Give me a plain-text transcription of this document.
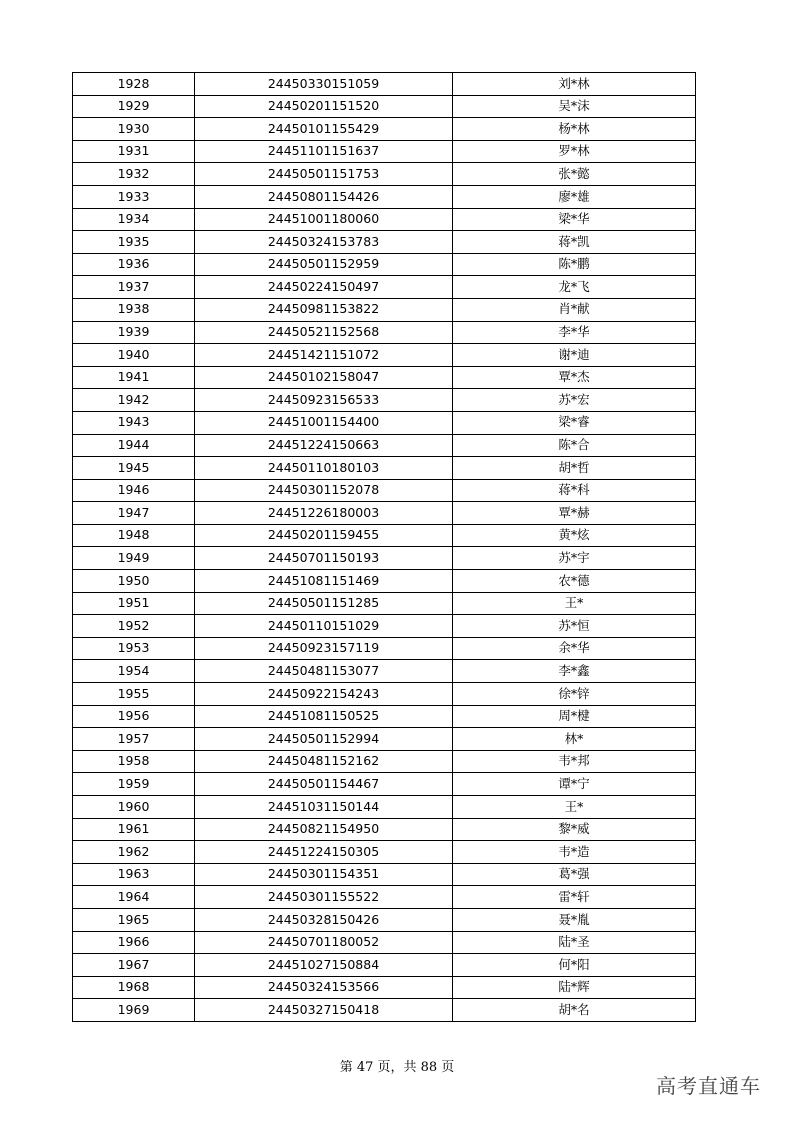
1928	24450330151059	刘*林
1929	24450201151520	吴*沫
1930	24450101155429	杨*林
1931	24451101151637	罗*林
1932	24450501151753	张*懿
1933	24450801154426	廖*雄
1934	24451001180060	梁*华
1935	24450324153783	蒋*凯
1936	24450501152959	陈*鹏
1937	24450224150497	龙*飞
1938	24450981153822	肖*献
1939	24450521152568	李*华
1940	24451421151072	谢*迪
1941	24450102158047	覃*杰
1942	24450923156533	苏*宏
1943	24451001154400	梁*睿
1944	24451224150663	陈*合
1945	24450110180103	胡*哲
1946	24450301152078	蒋*科
1947	24451226180003	覃*赫
1948	24450201159455	黄*炫
1949	24450701150193	苏*宇
1950	24451081151469	农*德
1951	24450501151285	王*
1952	24450110151029	苏*恒
1953	24450923157119	余*华
1954	24450481153077	李*鑫
1955	24450922154243	徐*锌
1956	24451081150525	周*楗
1957	24450501152994	林*
1958	24450481152162	韦*邦
1959	24450501154467	谭*宁
1960	24451031150144	王*
1961	24450821154950	黎*威
1962	24451224150305	韦*造
1963	24450301154351	葛*强
1964	24450301155522	雷*轩
1965	24450328150426	聂*胤
1966	24450701180052	陆*圣
1967	24451027150884	何*阳
1968	24450324153566	陆*辉
1969	24450327150418	胡*名
第 47 页，共 88 页
高考直通车
